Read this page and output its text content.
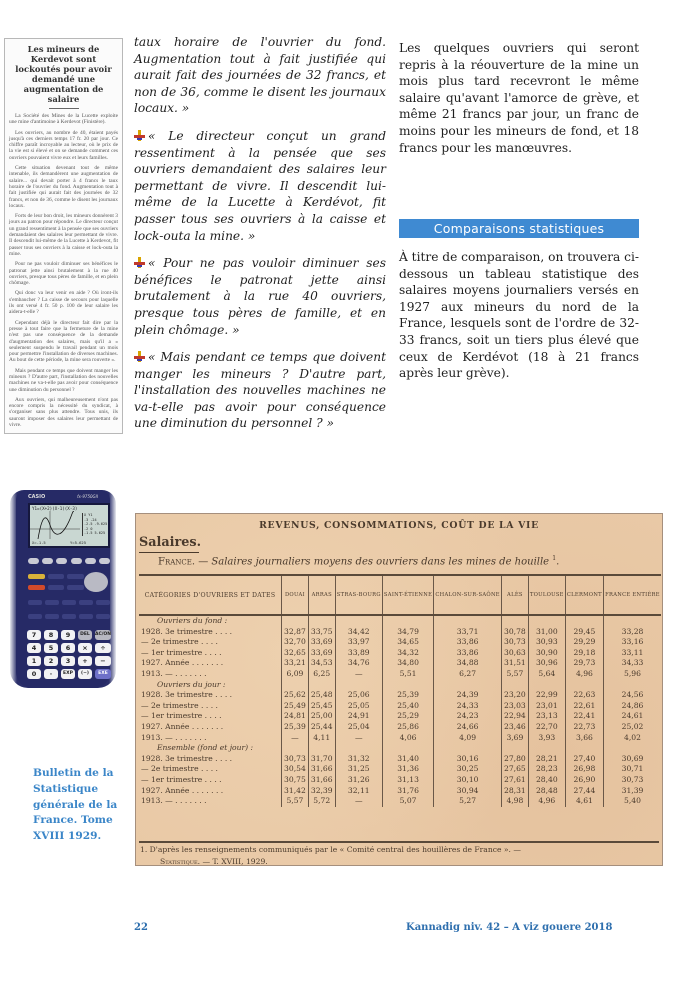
Les mineurs de Kerdevot sont lockoutés pour avoir demandé une augmentation de salaire

La Société des Mines de la Lucette exploite une mine d'antimoine à Kerdevot (Finistère).

Les ouvriers, au nombre de 40, étaient payés jusqu'à ces derniers temps 17 fr. 20 par jour. Ce chiffre paraît incroyable au lecteur, où le prix de la vie est si élevé et on se demande comment ces ouvriers pouvaient vivre eux et leurs familles.

Cette situation devenant tout de même intenable, ils demandèrent une augmentation de salaire... qui devait porter à 4 francs le taux horaire de l'ouvrier du fond. Augmentation tout à fait justifiée qui aurait fait des journées de 32 francs, et non de 36, comme le disent les journaux locaux.

Forts de leur bon droit, les mineurs donnèrent 3 jours au patron pour répondre. Le directeur conçut un grand ressentiment à la pensée que ses ouvriers demandaient des salaires leur permettant de vivre. Il descendit lui-même de la Lucette à Kerdevot, fit passer tous ses ouvriers à la caisse et lock-outa la mine.

Pour ne pas vouloir diminuer ses bénéfices le patronat jette ainsi brutalement à la rue 40 ouvriers, presque tous pères de famille, et en plein chômage.

Qui donc va leur venir en aide ? Où iront-ils s'embaucher ? La caisse de secours pour laquelle ils ont versé 4 fr. 50 p. 100 de leur salaire les aidera-t-elle ?

Cependant déjà le directeur fait dire par la presse à tout faire que la fermeture de la mine n'est pas une conséquence de la demande d'augmentation des salaires, mais qu'il a « seulement suspendu le travail pendant un mois pour permettre l'installation de diverses machines. Au bout de cette période, la mine sera rouverte ».

Mais pendant ce temps que doivent manger les mineurs ? D'autre part, l'installation des nouvelles machines ne va-t-elle pas avoir pour conséquence une diminution du personnel ?

Aux ouvriers, qui malheureusement n'ont pas encore compris la nécessité du syndicat, à s'organiser sans plus attendre. Tous unis, ils sauront imposer des salaires leur permettant de vivre.

taux horaire de l'ouvrier du fond. Augmentation tout à fait justifiée qui aurait fait des journées de 32 francs, et non de 36, comme le disent les journaux locaux. »

« Le directeur conçut un grand ressentiment à la pensée que ses ouvriers demandaient des salaires leur permettant de vivre. Il descendit lui-même de la Lucette à Kerdévot, fit passer tous ses ouvriers à la caisse et lock-outa la mine. »

« Pour ne pas vouloir diminuer ses bénéfices le patronat jette ainsi brutalement à la rue 40 ouvriers, presque tous pères de famille, et en plein chômage. »

« Mais pendant ce temps que doivent manger les mineurs ? D'autre part, l'installation des nouvelles machines ne va-t-elle pas avoir pour conséquence une diminution du personnel ? »

Les quelques ouvriers qui seront repris à la réouverture de la mine un mois plus tard recevront le même salaire qu'avant l'amorce de grève, et même 21 francs par jour, un franc de moins pour les mineurs de fond, et 18 francs pour les manœuvres.

Comparaisons statistiques

À titre de comparaison, on trouvera ci-dessous un tableau statistique des salaires moyens journaliers versés en 1927 aux mineurs du nord de la France, lesquels sont de l'ordre de 32-33 francs, soit un tiers plus élevé que ceux de Kerdévot (18 à 21 francs après leur grève).

CASIO	fx-9750GII
Y1=(X+2)(X-1)(X-3)
X Y1
-3 -24
-2.5 -9.625
-2 0
-1.5 5.625
X=-1.5	Y=5.625
7	8	9	DEL	AC/ON
4	5	6	×	÷
1	2	3	+	−
0	·	EXP	(−)	EXE
Bulletin de la Statistique générale de la France. Tome XVIII 1929.
REVENUS, CONSOMMATIONS, COÛT DE LA VIE
Salaires.
France. — Salaires journaliers moyens des ouvriers dans les mines de houille $^1$.
CATÉGORIES D'OUVRIERS ET DATES	DOUAI	ARRAS	STRAS-BOURG	SAINT-ÉTIENNE	CHALON-SUR-SAÔNE	ALÈS	TOULOUSE	CLERMONT	FRANCE ENTIÈRE
Ouvriers du fond :									
1928. 3e trimestre . . . .	32,87	33,75	34,42	34,79	33,71	30,78	31,00	29,45	33,28
— 2e trimestre . . . .	32,70	33,69	33,97	34,65	33,86	30,73	30,93	29,29	33,16
— 1er trimestre . . . .	32,65	33,69	33,89	34,32	33,86	30,63	30,90	29,18	33,11
1927. Année . . . . . . .	33,21	34,53	34,76	34,80	34,88	31,51	30,96	29,73	34,33
1913. — . . . . . . .	6,09	6,25	—	5,51	6,27	5,57	5,64	4,96	5,96
Ouvriers du jour :									
1928. 3e trimestre . . . .	25,62	25,48	25,06	25,39	24,39	23,20	22,99	22,63	24,56
— 2e trimestre . . . .	25,49	25,45	25,05	25,40	24,33	23,03	23,01	22,61	24,86
— 1er trimestre . . . .	24,81	25,00	24,91	25,29	24,23	22,94	23,13	22,41	24,61
1927. Année . . . . . . .	25,39	25,44	25,04	25,86	24,66	23,46	22,70	22,73	25,02
1913. — . . . . . . .	—	4,11	—	4,06	4,09	3,69	3,93	3,66	4,02
Ensemble (fond et jour) :									
1928. 3e trimestre . . . .	30,73	31,70	31,32	31,40	30,16	27,80	28,21	27,40	30,69
— 2e trimestre . . . .	30,54	31,66	31,25	31,36	30,25	27,65	28,23	26,98	30,71
— 1er trimestre . . . .	30,75	31,66	31,26	31,13	30,10	27,61	28,40	26,90	30,73
1927. Année . . . . . . .	31,42	32,39	32,11	31,76	30,94	28,31	28,48	27,44	31,39
1913. — . . . . . . .	5,57	5,72	—	5,07	5,27	4,98	4,96	4,61	5,40
1. D'après les renseignements communiqués par le « Comité central des houillères de France ». —
Statistique. — T. XVIII, 1929.
22	Kannadig niv. 42 – A viz gouere 2018
